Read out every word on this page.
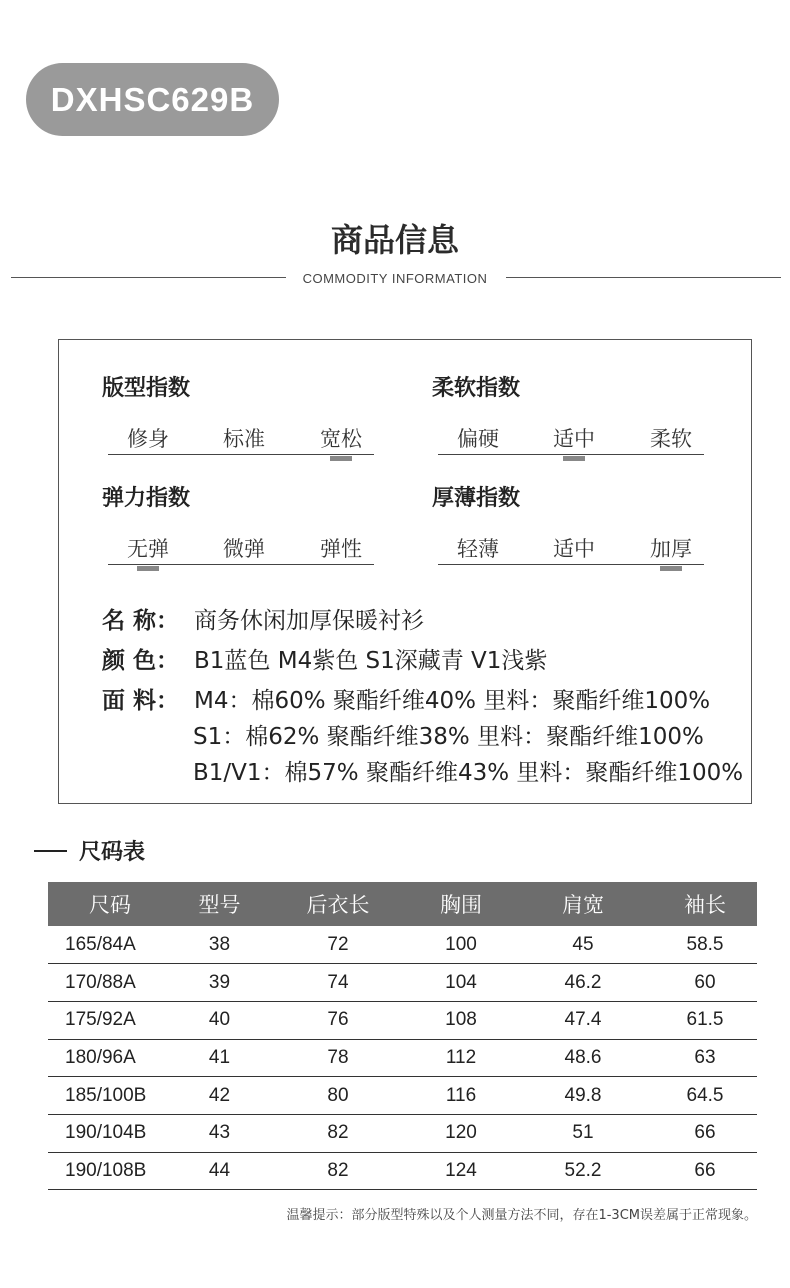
DXHSC629B
商品信息
COMMODITY INFORMATION
版型指数
修身	标准	宽松
柔软指数
偏硬	适中	柔软
弹力指数
无弹	微弹	弹性
厚薄指数
轻薄	适中	加厚
名 称： 商务休闲加厚保暖衬衫
颜 色： B1蓝色 M4紫色 S1深藏青 V1浅紫
面 料： M4：棉60% 聚酯纤维40% 里料：聚酯纤维100%
S1：棉62% 聚酯纤维38% 里料：聚酯纤维100%
B1/V1：棉57% 聚酯纤维43% 里料：聚酯纤维100%
尺码表
尺码	型号	后衣长	胸围	肩宽	袖长
165/84A	38	72	100	45	58.5
170/88A	39	74	104	46.2	60
175/92A	40	76	108	47.4	61.5
180/96A	41	78	112	48.6	63
185/100B	42	80	116	49.8	64.5
190/104B	43	82	120	51	66
190/108B	44	82	124	52.2	66
温馨提示：部分版型特殊以及个人测量方法不同，存在1-3CM误差属于正常现象。
